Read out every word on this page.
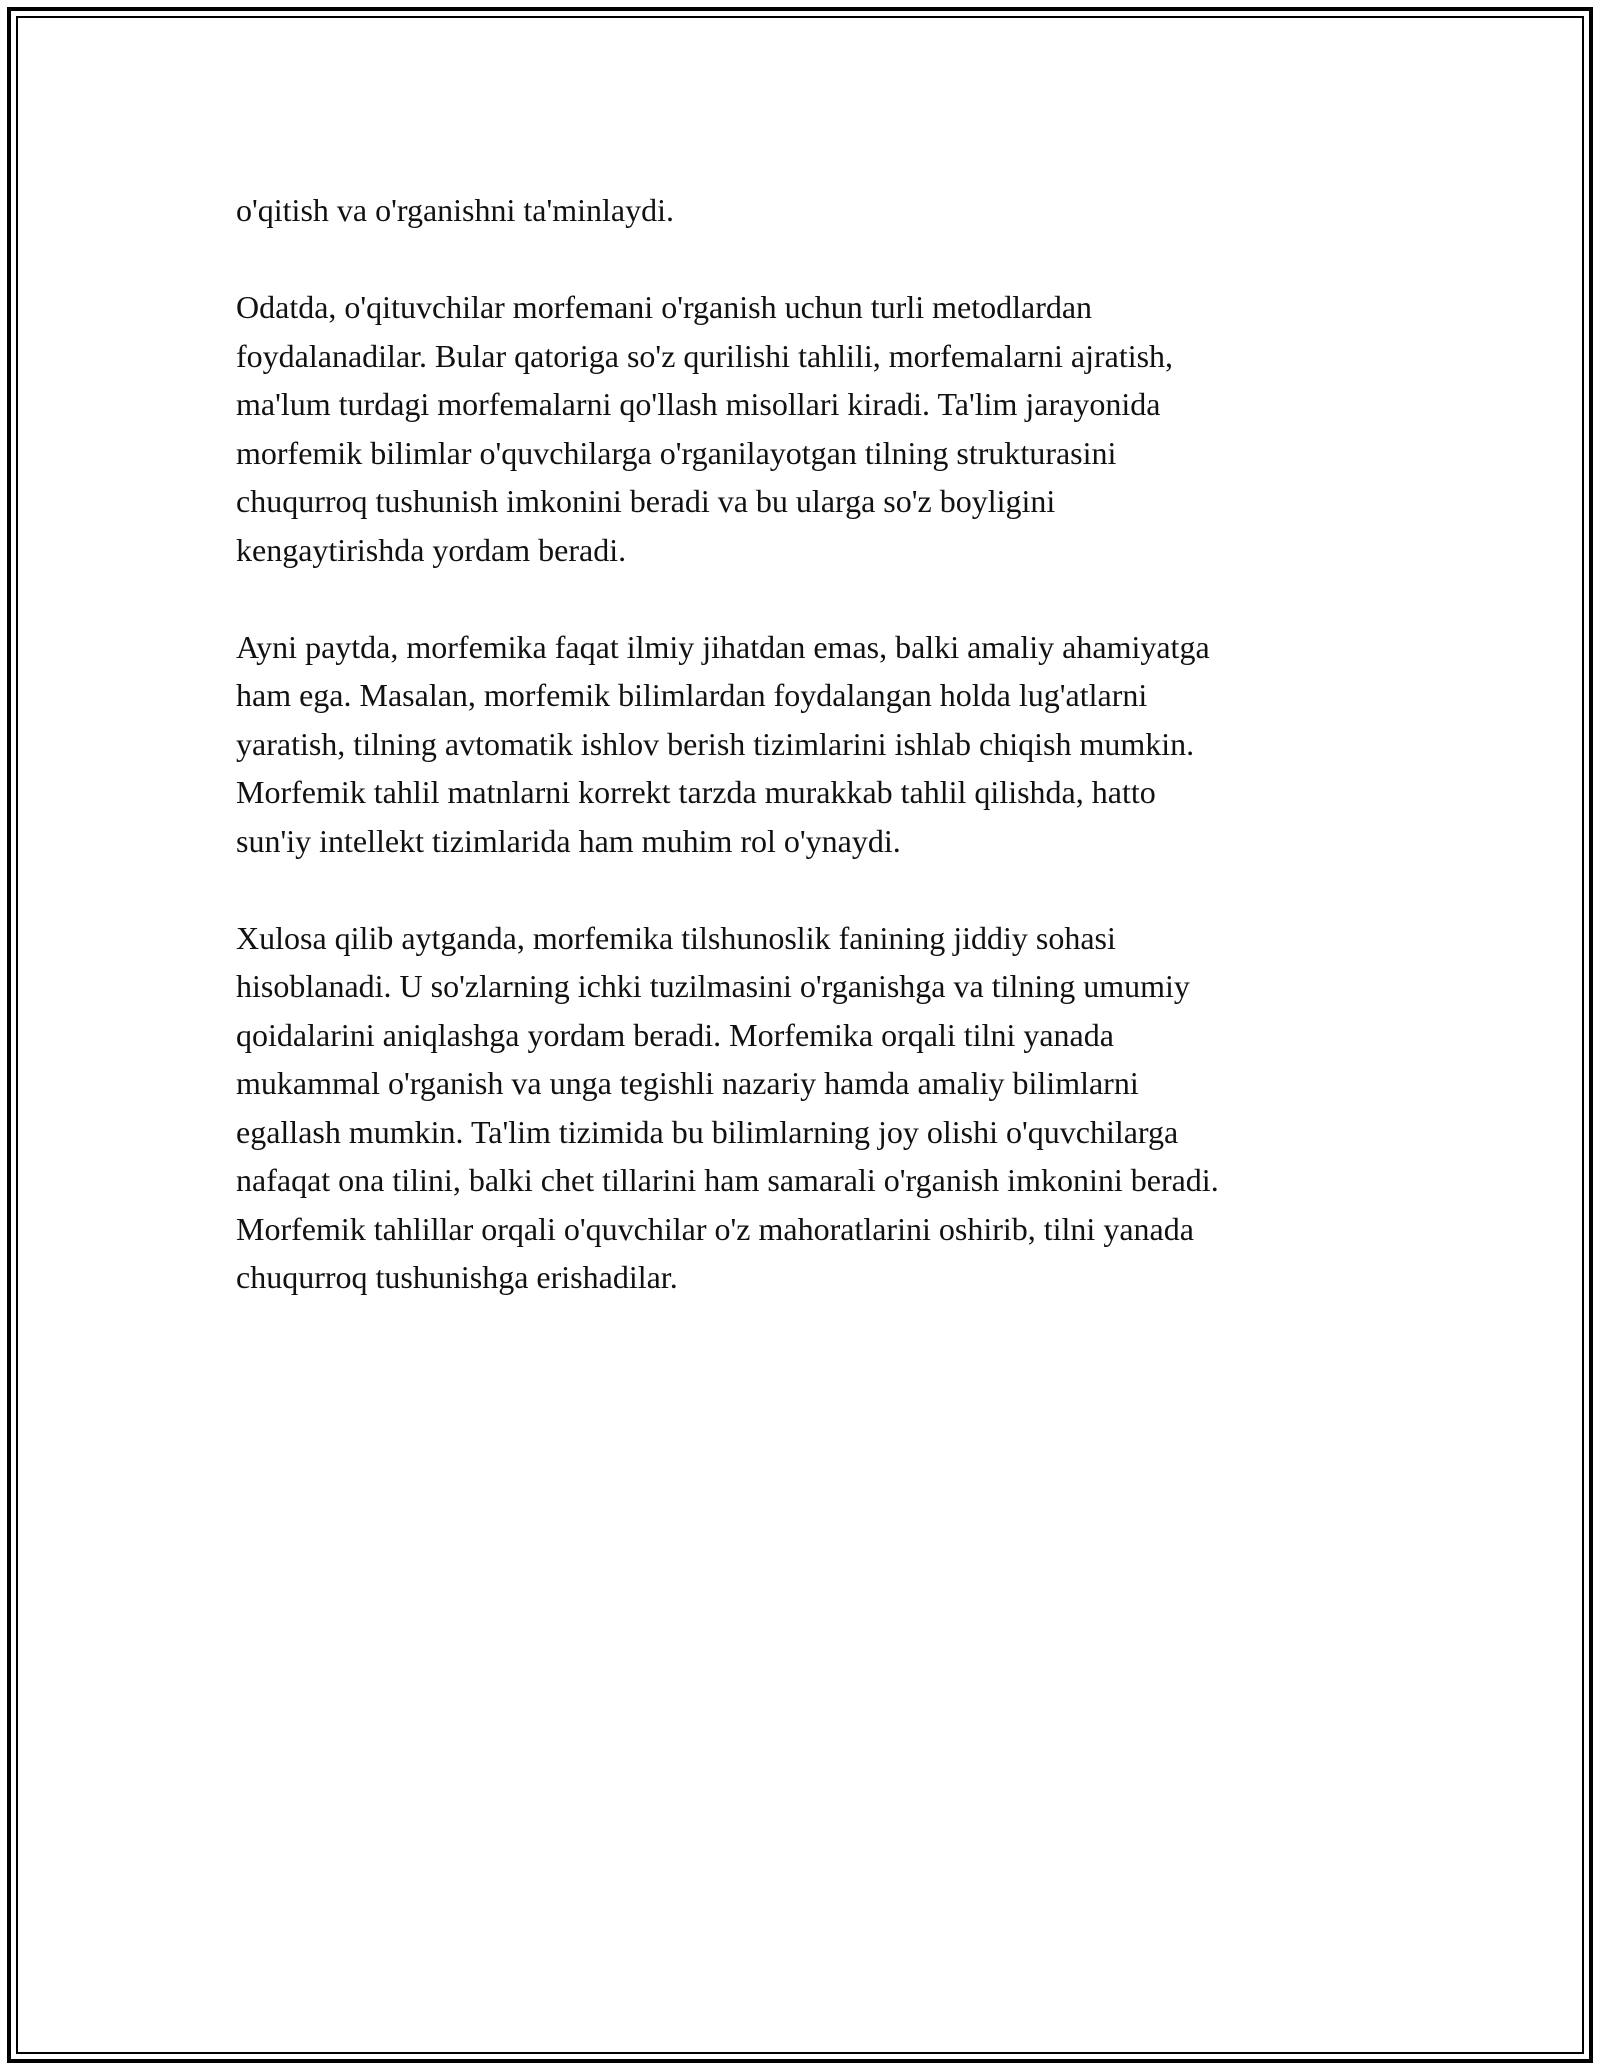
o'qitish va o'rganishni ta'minlaydi.

Odatda, o'qituvchilar morfemani o'rganish uchun turli metodlardan
foydalanadilar. Bular qatoriga so'z qurilishi tahlili, morfemalarni ajratish,
ma'lum turdagi morfemalarni qo'llash misollari kiradi. Ta'lim jarayonida
morfemik bilimlar o'quvchilarga o'rganilayotgan tilning strukturasini
chuqurroq tushunish imkonini beradi va bu ularga so'z boyligini
kengaytirishda yordam beradi.

Ayni paytda, morfemika faqat ilmiy jihatdan emas, balki amaliy ahamiyatga
ham ega. Masalan, morfemik bilimlardan foydalangan holda lug'atlarni
yaratish, tilning avtomatik ishlov berish tizimlarini ishlab chiqish mumkin.
Morfemik tahlil matnlarni korrekt tarzda murakkab tahlil qilishda, hatto
sun'iy intellekt tizimlarida ham muhim rol o'ynaydi.

Xulosa qilib aytganda, morfemika tilshunoslik fanining jiddiy sohasi
hisoblanadi. U so'zlarning ichki tuzilmasini o'rganishga va tilning umumiy
qoidalarini aniqlashga yordam beradi. Morfemika orqali tilni yanada
mukammal o'rganish va unga tegishli nazariy hamda amaliy bilimlarni
egallash mumkin. Ta'lim tizimida bu bilimlarning joy olishi o'quvchilarga
nafaqat ona tilini, balki chet tillarini ham samarali o'rganish imkonini beradi.
Morfemik tahlillar orqali o'quvchilar o'z mahoratlarini oshirib, tilni yanada
chuqurroq tushunishga erishadilar.
